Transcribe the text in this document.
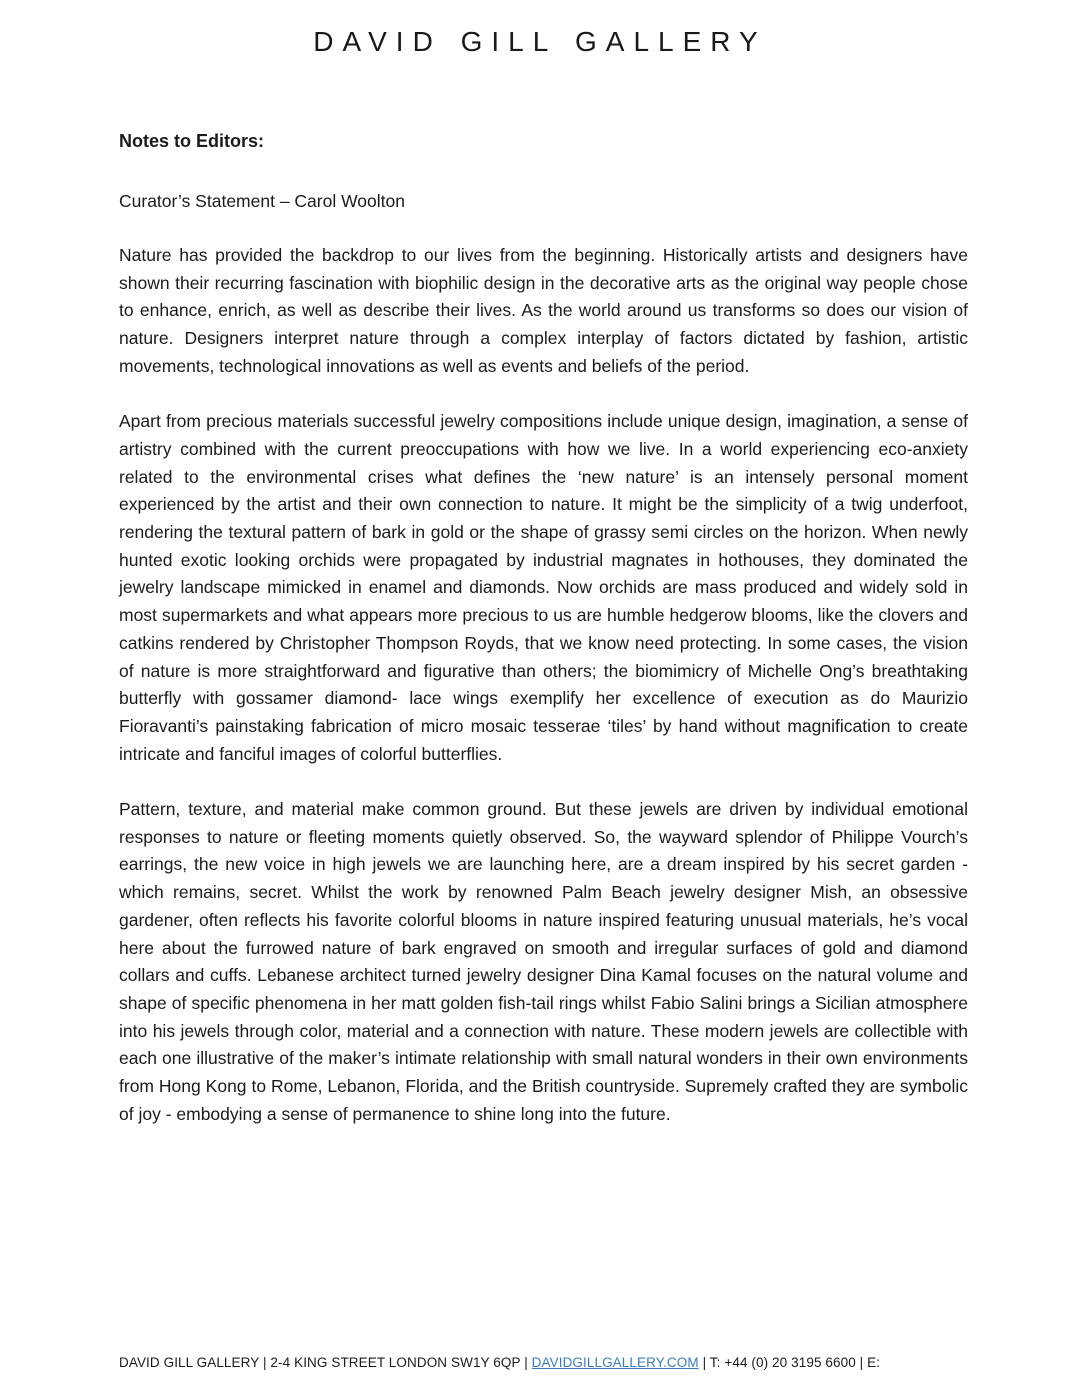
DAVID GILL GALLERY

Notes to Editors:

Curator’s Statement – Carol Woolton

Nature has provided the backdrop to our lives from the beginning. Historically artists and designers have shown their recurring fascination with biophilic design in the decorative arts as the original way people chose to enhance, enrich, as well as describe their lives. As the world around us transforms so does our vision of nature. Designers interpret nature through a complex interplay of factors dictated by fashion, artistic movements, technological innovations as well as events and beliefs of the period.

Apart from precious materials successful jewelry compositions include unique design, imagination, a sense of artistry combined with the current preoccupations with how we live. In a world experiencing eco-anxiety related to the environmental crises what defines the ‘new nature’ is an intensely personal moment experienced by the artist and their own connection to nature. It might be the simplicity of a twig underfoot, rendering the textural pattern of bark in gold or the shape of grassy semi circles on the horizon. When newly hunted exotic looking orchids were propagated by industrial magnates in hothouses, they dominated the jewelry landscape mimicked in enamel and diamonds. Now orchids are mass produced and widely sold in most supermarkets and what appears more precious to us are humble hedgerow blooms, like the clovers and catkins rendered by Christopher Thompson Royds, that we know need protecting. In some cases, the vision of nature is more straightforward and figurative than others; the biomimicry of Michelle Ong’s breathtaking butterfly with gossamer diamond- lace wings exemplify her excellence of execution as do Maurizio Fioravanti’s painstaking fabrication of micro mosaic tesserae ‘tiles’ by hand without magnification to create intricate and fanciful images of colorful butterflies.

Pattern, texture, and material make common ground. But these jewels are driven by individual emotional responses to nature or fleeting moments quietly observed. So, the wayward splendor of Philippe Vourch’s earrings, the new voice in high jewels we are launching here, are a dream inspired by his secret garden - which remains, secret. Whilst the work by renowned Palm Beach jewelry designer Mish, an obsessive gardener, often reflects his favorite colorful blooms in nature inspired featuring unusual materials, he’s vocal here about the furrowed nature of bark engraved on smooth and irregular surfaces of gold and diamond collars and cuffs. Lebanese architect turned jewelry designer Dina Kamal focuses on the natural volume and shape of specific phenomena in her matt golden fish-tail rings whilst Fabio Salini brings a Sicilian atmosphere into his jewels through color, material and a connection with nature. These modern jewels are collectible with each one illustrative of the maker’s intimate relationship with small natural wonders in their own environments from Hong Kong to Rome, Lebanon, Florida, and the British countryside. Supremely crafted they are symbolic of joy - embodying a sense of permanence to shine long into the future.

DAVID GILL GALLERY | 2-4 KING STREET LONDON SW1Y 6QP | DAVIDGILLGALLERY.COM | T: +44 (0) 20 3195 6600 | E:
